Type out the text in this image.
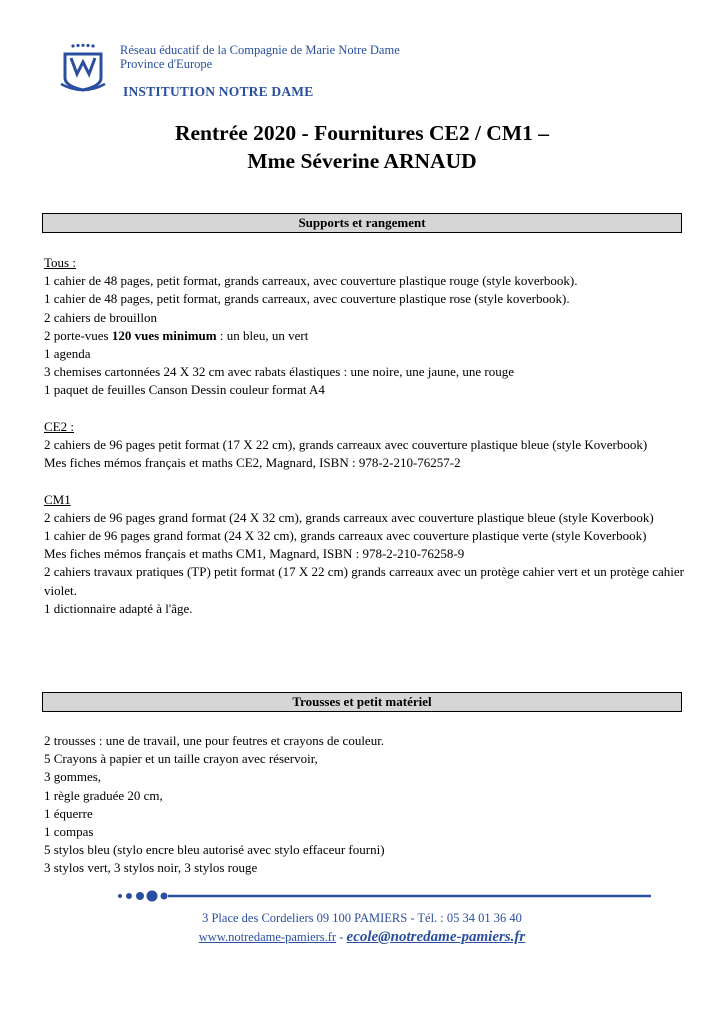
Réseau éducatif de la Compagnie de Marie Notre Dame
Province d'Europe
INSTITUTION NOTRE DAME
Rentrée 2020 - Fournitures CE2 / CM1 –
Mme Séverine ARNAUD
Supports et rangement
Tous :
1 cahier de 48 pages, petit format, grands carreaux, avec couverture plastique rouge (style koverbook).
1 cahier de 48 pages, petit format, grands carreaux, avec couverture plastique rose (style koverbook).
2 cahiers de brouillon
2 porte-vues 120 vues minimum : un bleu, un vert
1 agenda
3 chemises cartonnées 24 X 32 cm avec rabats élastiques : une noire, une jaune, une rouge
1 paquet de feuilles Canson Dessin couleur format A4
CE2 :
2 cahiers de 96 pages petit format (17 X 22 cm), grands carreaux avec couverture plastique bleue (style Koverbook)
Mes fiches mémos français et maths CE2, Magnard, ISBN : 978-2-210-76257-2
CM1
2 cahiers de 96 pages grand format (24 X 32 cm), grands carreaux avec couverture plastique bleue (style Koverbook)
1 cahier de 96 pages grand format (24 X 32 cm), grands carreaux avec couverture plastique verte (style Koverbook)
Mes fiches mémos français et maths CM1, Magnard, ISBN : 978-2-210-76258-9
2 cahiers travaux pratiques (TP) petit format (17 X 22 cm) grands carreaux avec un protège cahier vert et un protège cahier violet.
1 dictionnaire adapté à l'âge.
Trousses et petit matériel
2 trousses : une de travail, une pour feutres et crayons de couleur.
5 Crayons à papier et un taille crayon avec réservoir,
3 gommes,
1 règle graduée 20 cm,
1 équerre
1 compas
5 stylos bleu (stylo encre bleu autorisé avec stylo effaceur fourni)
3 stylos vert, 3 stylos noir, 3 stylos rouge
3 Place des Cordeliers 09 100 PAMIERS - Tél. : 05 34 01 36 40
www.notredame-pamiers.fr - ecole@notredame-pamiers.fr
